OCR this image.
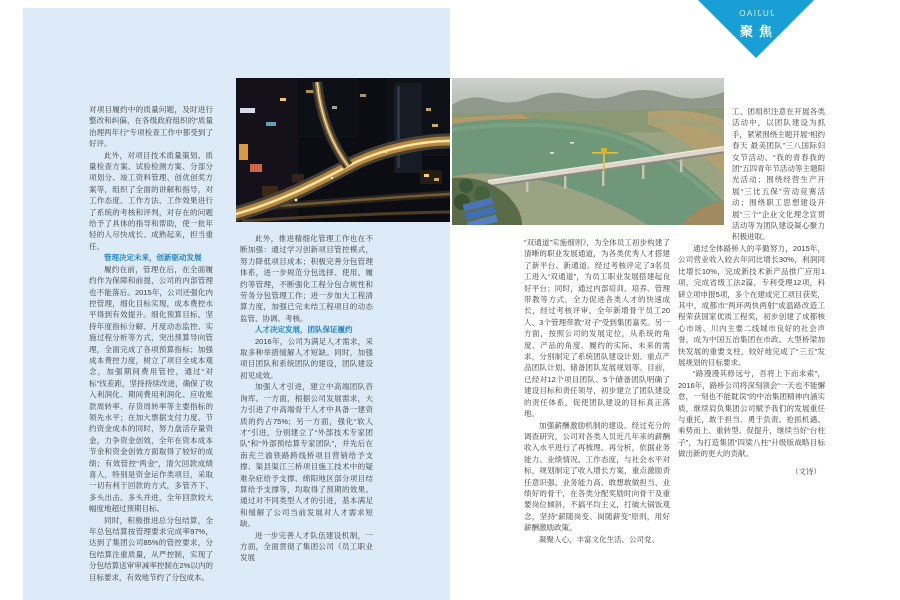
JUJIAO
聚焦
对项目履约中的质量问题，及时进行整改和纠偏，在各级政府组织的“质量治理两年行”专项检查工作中都受到了好评。
此外，对项目技术质量策划、质量检查方案、试验检测方案、分部分项划分、竣工资料管理、创优创奖方案等，组织了全面的讲解和指导，对工作态度、工作方法、工作效果进行了系统的考核和评判，对存在的问题给予了具体的指导和帮助，使一批年轻的人尽快成长、成熟起来，担当重任。
管理决定未来，创新驱动发展
履约在前，管理在后，在全面履约作为保障和前提，公司的内部管理也不能落后。2015年，公司还强化内控管理，细化目标实现，成本费控水平得到有效提升。细化预算目标，坚持年度指标分解、月度动态监控、实施过程分析等方式，突出预算导向管理，全面完成了各项预算指标；加强成本费控力度，树立了项目全成本观念，加强期间费用管控，通过“对标”找差距，坚持持续改进，确保了收入利润化、期间费用利润化、应收账款周转率、存货周转率等主要指标的领先水平；在加大票据支付力度、节约资金成本的同时，努力盘活存量资金，力争资金创效，全年在资本成本节余和资金创效方面取得了较好的成绩；有效管控“两金”，清欠回款成绩喜人，特别是资金运作类项目，采取一切有利于回款的方式，多管齐下、多头出击、多头并进，全年回款较大幅度地超过预期目标。
同时，积极推进总分包结算，全年总包结算按管理要求完成率97%，达到了集团公司85%的管控要求，分包结算注重质量，从严控制，实现了分包结算送审审减率控制在2%以内的目标要求，有效地节约了分包成本。
此外，推进精细化管理工作也在不断加强：通过学习创新项目管控模式，努力降低项目成本；积极完善分包管理体系，进一步规范分包选择、使用、履约等管理，不断强化工程分包合规性和劳务分包管理工作；进一步加大工程清算力度，加强已完未结工程项目的动态监管、协调、考核。
人才决定发展，团队保证履约
2016年，公司为满足人才需求，采取多种举措缓解人才短缺。同时，加强项目团队和系统团队的建设，团队建设初见成效。
加强人才引进，建立中高端团队咨询库。一方面，根据公司发展需求，大力引进了中高端骨干人才中具备一建资质的约占75%；另一方面，强化“软人才”引进，分别建立了“外部技术专家团队”和“外部预结算专家团队”，并先后在南充兰渝铁路跨线桥项目营销给予支撑、渠县渠江三桥项目施工技术中的疑难杂症给予支撑、绵阳地区部分项目结算给予支撑等，均取得了预期的效果。通过对不同类型人才的引进，基本满足和缓解了公司当前发展对人才需求短缺。
进一步完善人才队伍建设机制，一方面，全面贯彻了集团公司《员工职业发展
“双通道”实施细则》，为全体员工初步构建了清晰的职业发展通道，为各类优秀人才搭建了新平台、新通道。经过考核评定了3名员工进入“双通道”，为员工职业发展搭建起良好平台；同时，通过内部培训、培养、管理带教等方式，全力促进各类人才的快速成长，经过考核评审，全年新增骨干员工20人、3个管理带教“对子”受到集团嘉奖。另一方面，按照公司的发展定位，从系统的角度、产品的角度、履约的实际、未来的需求，分别制定了系统团队建设计划、重点产品团队计划、储备团队发展规划等。目前，已经对12个项目团队、5个储备团队明确了建设目标和责任领导，初步建立了团队建设的责任体系，促使团队建设的目标真正落地。
加强薪酬激励机制的建设。经过充分的调查研究，公司对各类人员近几年来的薪酬收入水平进行了再梳理、再分析，依据业务能力、业绩情况、工作态度，与社会水平对标，规划制定了收入增长方案，重点激励责任意识强、业务能力高、敢想敢做担当、业绩好的骨干，在各类分配奖励时向骨干及重要岗位倾斜，不搞平均主义，打破大锅饭观念，坚持“薪随岗变、岗随薪变”原则，用好薪酬激励政策。
凝聚人心，丰富文化生活。公司党、
工、团组织注意在开展各类活动中，以团队建设为抓手，紧紧围绕主题开展“相约春天 最美团队”三八国际妇女节活动、“我的青春我的团”五四青年节活动等主题阳光活动；围绕经营生产开展“三比五保”劳动竞赛活动；围绕职工思想建设开展“三个”企业文化理念宣贯活动等为团队建设凝心聚力积极进取。
通过全体路桥人的辛勤努力，2015年，公司营业收入较去年同比增长30%，利润同比增长10%，完成新技术新产品推广应用1项，完成省级工法2篇，专利受理12项，科研立项申报5项，多个在建或完工项目获奖，其中，成都市“两环两快两射”成温路改造工程荣获国家优质工程奖，初步创建了成都核心市场、川内主要二线城市良好的社会声誉，成为中国五冶集团在市政、大型桥梁加快发展的重要支柱，较好地完成了“三五”发展规划的目标要求。
“路漫漫其修远兮，吾将上下而求索”，2016年，路桥公司将深刻领会“一天也不能懈怠，一刻也不能耽误”的中冶集团精神内涵实质，继续肩负集团公司赋予我们的发展重任与重托，敢于担当、勇于负责、抢抓机遇、乘势而上、重转型、促提升，继续当好“台柱子”，为打造集团“四梁八柱”升级版战略目标做出新的更大的贡献。
（文诗）
